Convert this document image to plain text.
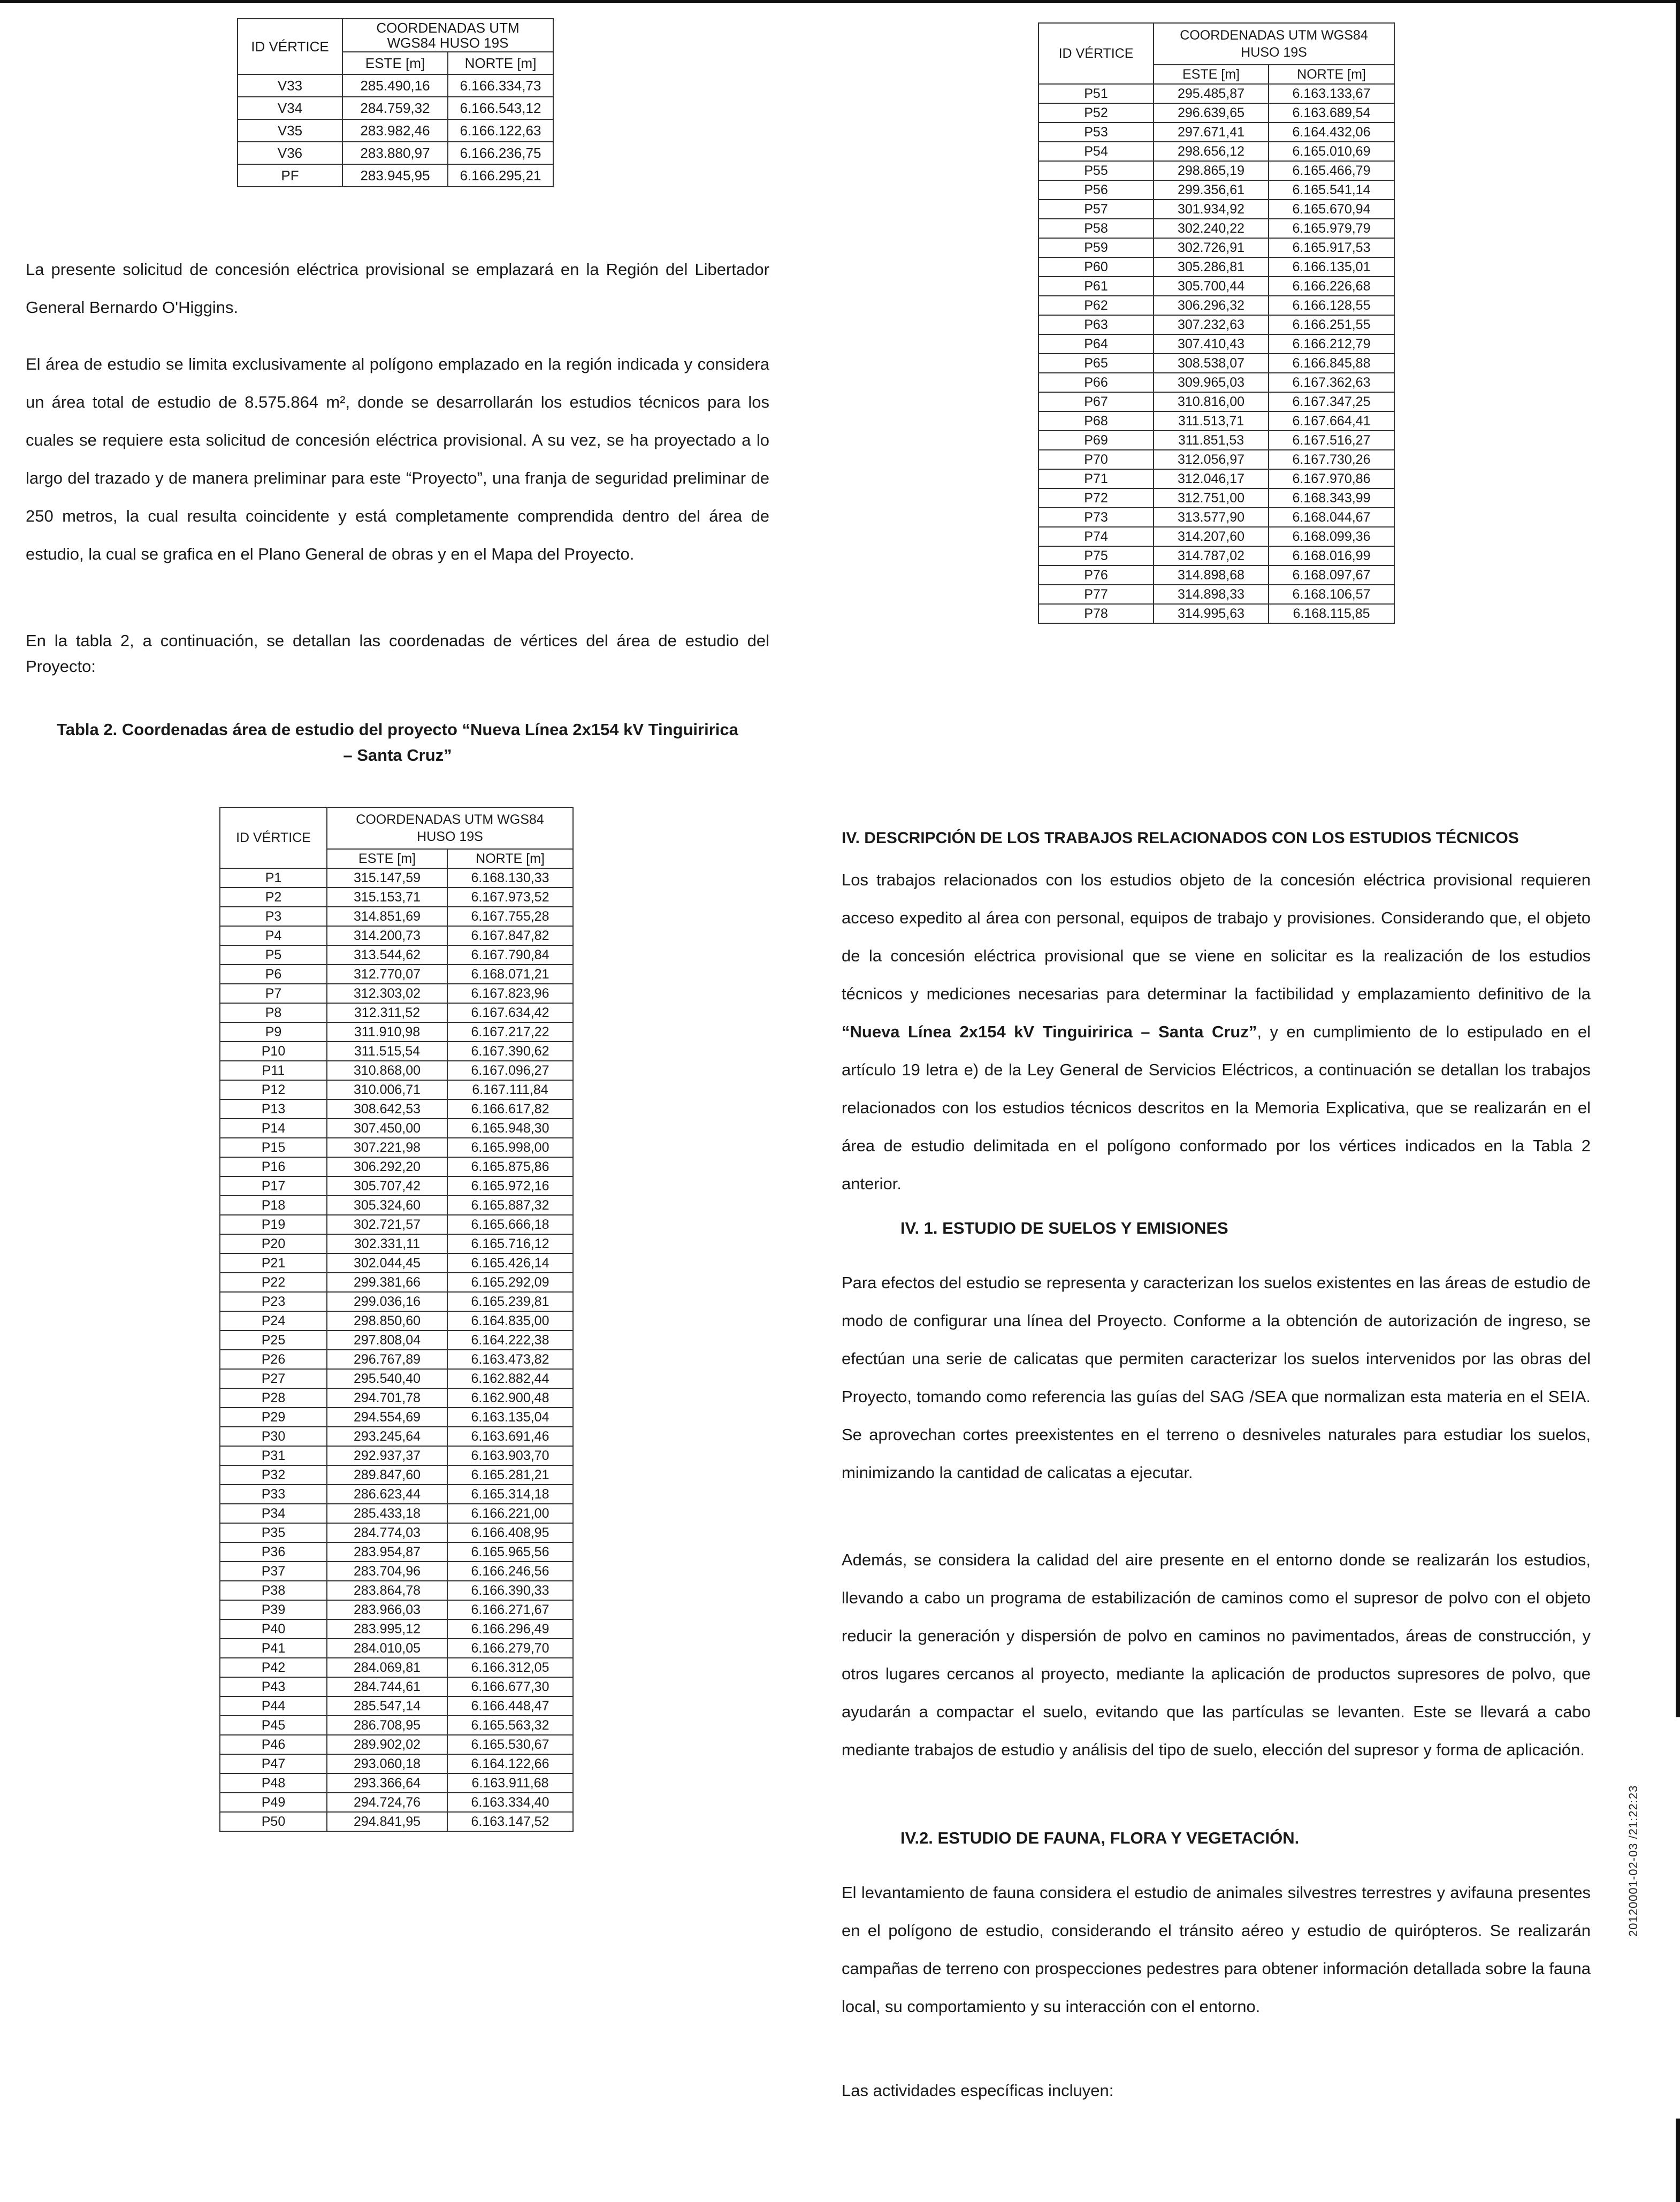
ID VÉRTICE	COORDENADAS UTM
WGS84 HUSO 19S	
	ESTE [m]	NORTE [m]
V33	285.490,16	6.166.334,73
V34	284.759,32	6.166.543,12
V35	283.982,46	6.166.122,63
V36	283.880,97	6.166.236,75
PF	283.945,95	6.166.295,21

La presente solicitud de concesión eléctrica provisional se emplazará en la Región del Libertador General Bernardo O'Higgins.

El área de estudio se limita exclusivamente al polígono emplazado en la región indicada y considera un área total de estudio de 8.575.864 m², donde se desarrollarán los estudios técnicos para los cuales se requiere esta solicitud de concesión eléctrica provisional. A su vez, se ha proyectado a lo largo del trazado y de manera preliminar para este “Proyecto”, una franja de seguridad preliminar de 250 metros, la cual resulta coincidente y está completamente comprendida dentro del área de estudio, la cual se grafica en el Plano General de obras y en el Mapa del Proyecto.

En la tabla 2, a continuación, se detallan las coordenadas de vértices del área de estudio del Proyecto:

Tabla 2. Coordenadas área de estudio del proyecto “Nueva Línea 2x154 kV Tinguiririca
– Santa Cruz”
ID VÉRTICE	COORDENADAS UTM WGS84
HUSO 19S	
	ESTE [m]	NORTE [m]
P1	315.147,59	6.168.130,33
P2	315.153,71	6.167.973,52
P3	314.851,69	6.167.755,28
P4	314.200,73	6.167.847,82
P5	313.544,62	6.167.790,84
P6	312.770,07	6.168.071,21
P7	312.303,02	6.167.823,96
P8	312.311,52	6.167.634,42
P9	311.910,98	6.167.217,22
P10	311.515,54	6.167.390,62
P11	310.868,00	6.167.096,27
P12	310.006,71	6.167.111,84
P13	308.642,53	6.166.617,82
P14	307.450,00	6.165.948,30
P15	307.221,98	6.165.998,00
P16	306.292,20	6.165.875,86
P17	305.707,42	6.165.972,16
P18	305.324,60	6.165.887,32
P19	302.721,57	6.165.666,18
P20	302.331,11	6.165.716,12
P21	302.044,45	6.165.426,14
P22	299.381,66	6.165.292,09
P23	299.036,16	6.165.239,81
P24	298.850,60	6.164.835,00
P25	297.808,04	6.164.222,38
P26	296.767,89	6.163.473,82
P27	295.540,40	6.162.882,44
P28	294.701,78	6.162.900,48
P29	294.554,69	6.163.135,04
P30	293.245,64	6.163.691,46
P31	292.937,37	6.163.903,70
P32	289.847,60	6.165.281,21
P33	286.623,44	6.165.314,18
P34	285.433,18	6.166.221,00
P35	284.774,03	6.166.408,95
P36	283.954,87	6.165.965,56
P37	283.704,96	6.166.246,56
P38	283.864,78	6.166.390,33
P39	283.966,03	6.166.271,67
P40	283.995,12	6.166.296,49
P41	284.010,05	6.166.279,70
P42	284.069,81	6.166.312,05
P43	284.744,61	6.166.677,30
P44	285.547,14	6.166.448,47
P45	286.708,95	6.165.563,32
P46	289.902,02	6.165.530,67
P47	293.060,18	6.164.122,66
P48	293.366,64	6.163.911,68
P49	294.724,76	6.163.334,40
P50	294.841,95	6.163.147,52
ID VÉRTICE	COORDENADAS UTM WGS84
HUSO 19S	
	ESTE [m]	NORTE [m]
P51	295.485,87	6.163.133,67
P52	296.639,65	6.163.689,54
P53	297.671,41	6.164.432,06
P54	298.656,12	6.165.010,69
P55	298.865,19	6.165.466,79
P56	299.356,61	6.165.541,14
P57	301.934,92	6.165.670,94
P58	302.240,22	6.165.979,79
P59	302.726,91	6.165.917,53
P60	305.286,81	6.166.135,01
P61	305.700,44	6.166.226,68
P62	306.296,32	6.166.128,55
P63	307.232,63	6.166.251,55
P64	307.410,43	6.166.212,79
P65	308.538,07	6.166.845,88
P66	309.965,03	6.167.362,63
P67	310.816,00	6.167.347,25
P68	311.513,71	6.167.664,41
P69	311.851,53	6.167.516,27
P70	312.056,97	6.167.730,26
P71	312.046,17	6.167.970,86
P72	312.751,00	6.168.343,99
P73	313.577,90	6.168.044,67
P74	314.207,60	6.168.099,36
P75	314.787,02	6.168.016,99
P76	314.898,68	6.168.097,67
P77	314.898,33	6.168.106,57
P78	314.995,63	6.168.115,85
IV. DESCRIPCIÓN DE LOS TRABAJOS RELACIONADOS CON LOS ESTUDIOS TÉCNICOS

Los trabajos relacionados con los estudios objeto de la concesión eléctrica provisional requieren acceso expedito al área con personal, equipos de trabajo y provisiones. Considerando que, el objeto de la concesión eléctrica provisional que se viene en solicitar es la realización de los estudios técnicos y mediciones necesarias para determinar la factibilidad y emplazamiento definitivo de la “Nueva Línea 2x154 kV Tinguiririca – Santa Cruz”, y en cumplimiento de lo estipulado en el artículo 19 letra e) de la Ley General de Servicios Eléctricos, a continuación se detallan los trabajos relacionados con los estudios técnicos descritos en la Memoria Explicativa, que se realizarán en el área de estudio delimitada en el polígono conformado por los vértices indicados en la Tabla 2 anterior.

IV. 1. ESTUDIO DE SUELOS Y EMISIONES

Para efectos del estudio se representa y caracterizan los suelos existentes en las áreas de estudio de modo de configurar una línea del Proyecto. Conforme a la obtención de autorización de ingreso, se efectúan una serie de calicatas que permiten caracterizar los suelos intervenidos por las obras del Proyecto, tomando como referencia las guías del SAG /SEA que normalizan esta materia en el SEIA. Se aprovechan cortes preexistentes en el terreno o desniveles naturales para estudiar los suelos, minimizando la cantidad de calicatas a ejecutar.

Además, se considera la calidad del aire presente en el entorno donde se realizarán los estudios, llevando a cabo un programa de estabilización de caminos como el supresor de polvo con el objeto reducir la generación y dispersión de polvo en caminos no pavimentados, áreas de construcción, y otros lugares cercanos al proyecto, mediante la aplicación de productos supresores de polvo, que ayudarán a compactar el suelo, evitando que las partículas se levanten. Este se llevará a cabo mediante trabajos de estudio y análisis del tipo de suelo, elección del supresor y forma de aplicación.

IV.2. ESTUDIO DE FAUNA, FLORA Y VEGETACIÓN.

El levantamiento de fauna considera el estudio de animales silvestres terrestres y avifauna presentes en el polígono de estudio, considerando el tránsito aéreo y estudio de quirópteros. Se realizarán campañas de terreno con prospecciones pedestres para obtener información detallada sobre la fauna local, su comportamiento y su interacción con el entorno.

Las actividades específicas incluyen:

20120001-02-03 /21:22:23
